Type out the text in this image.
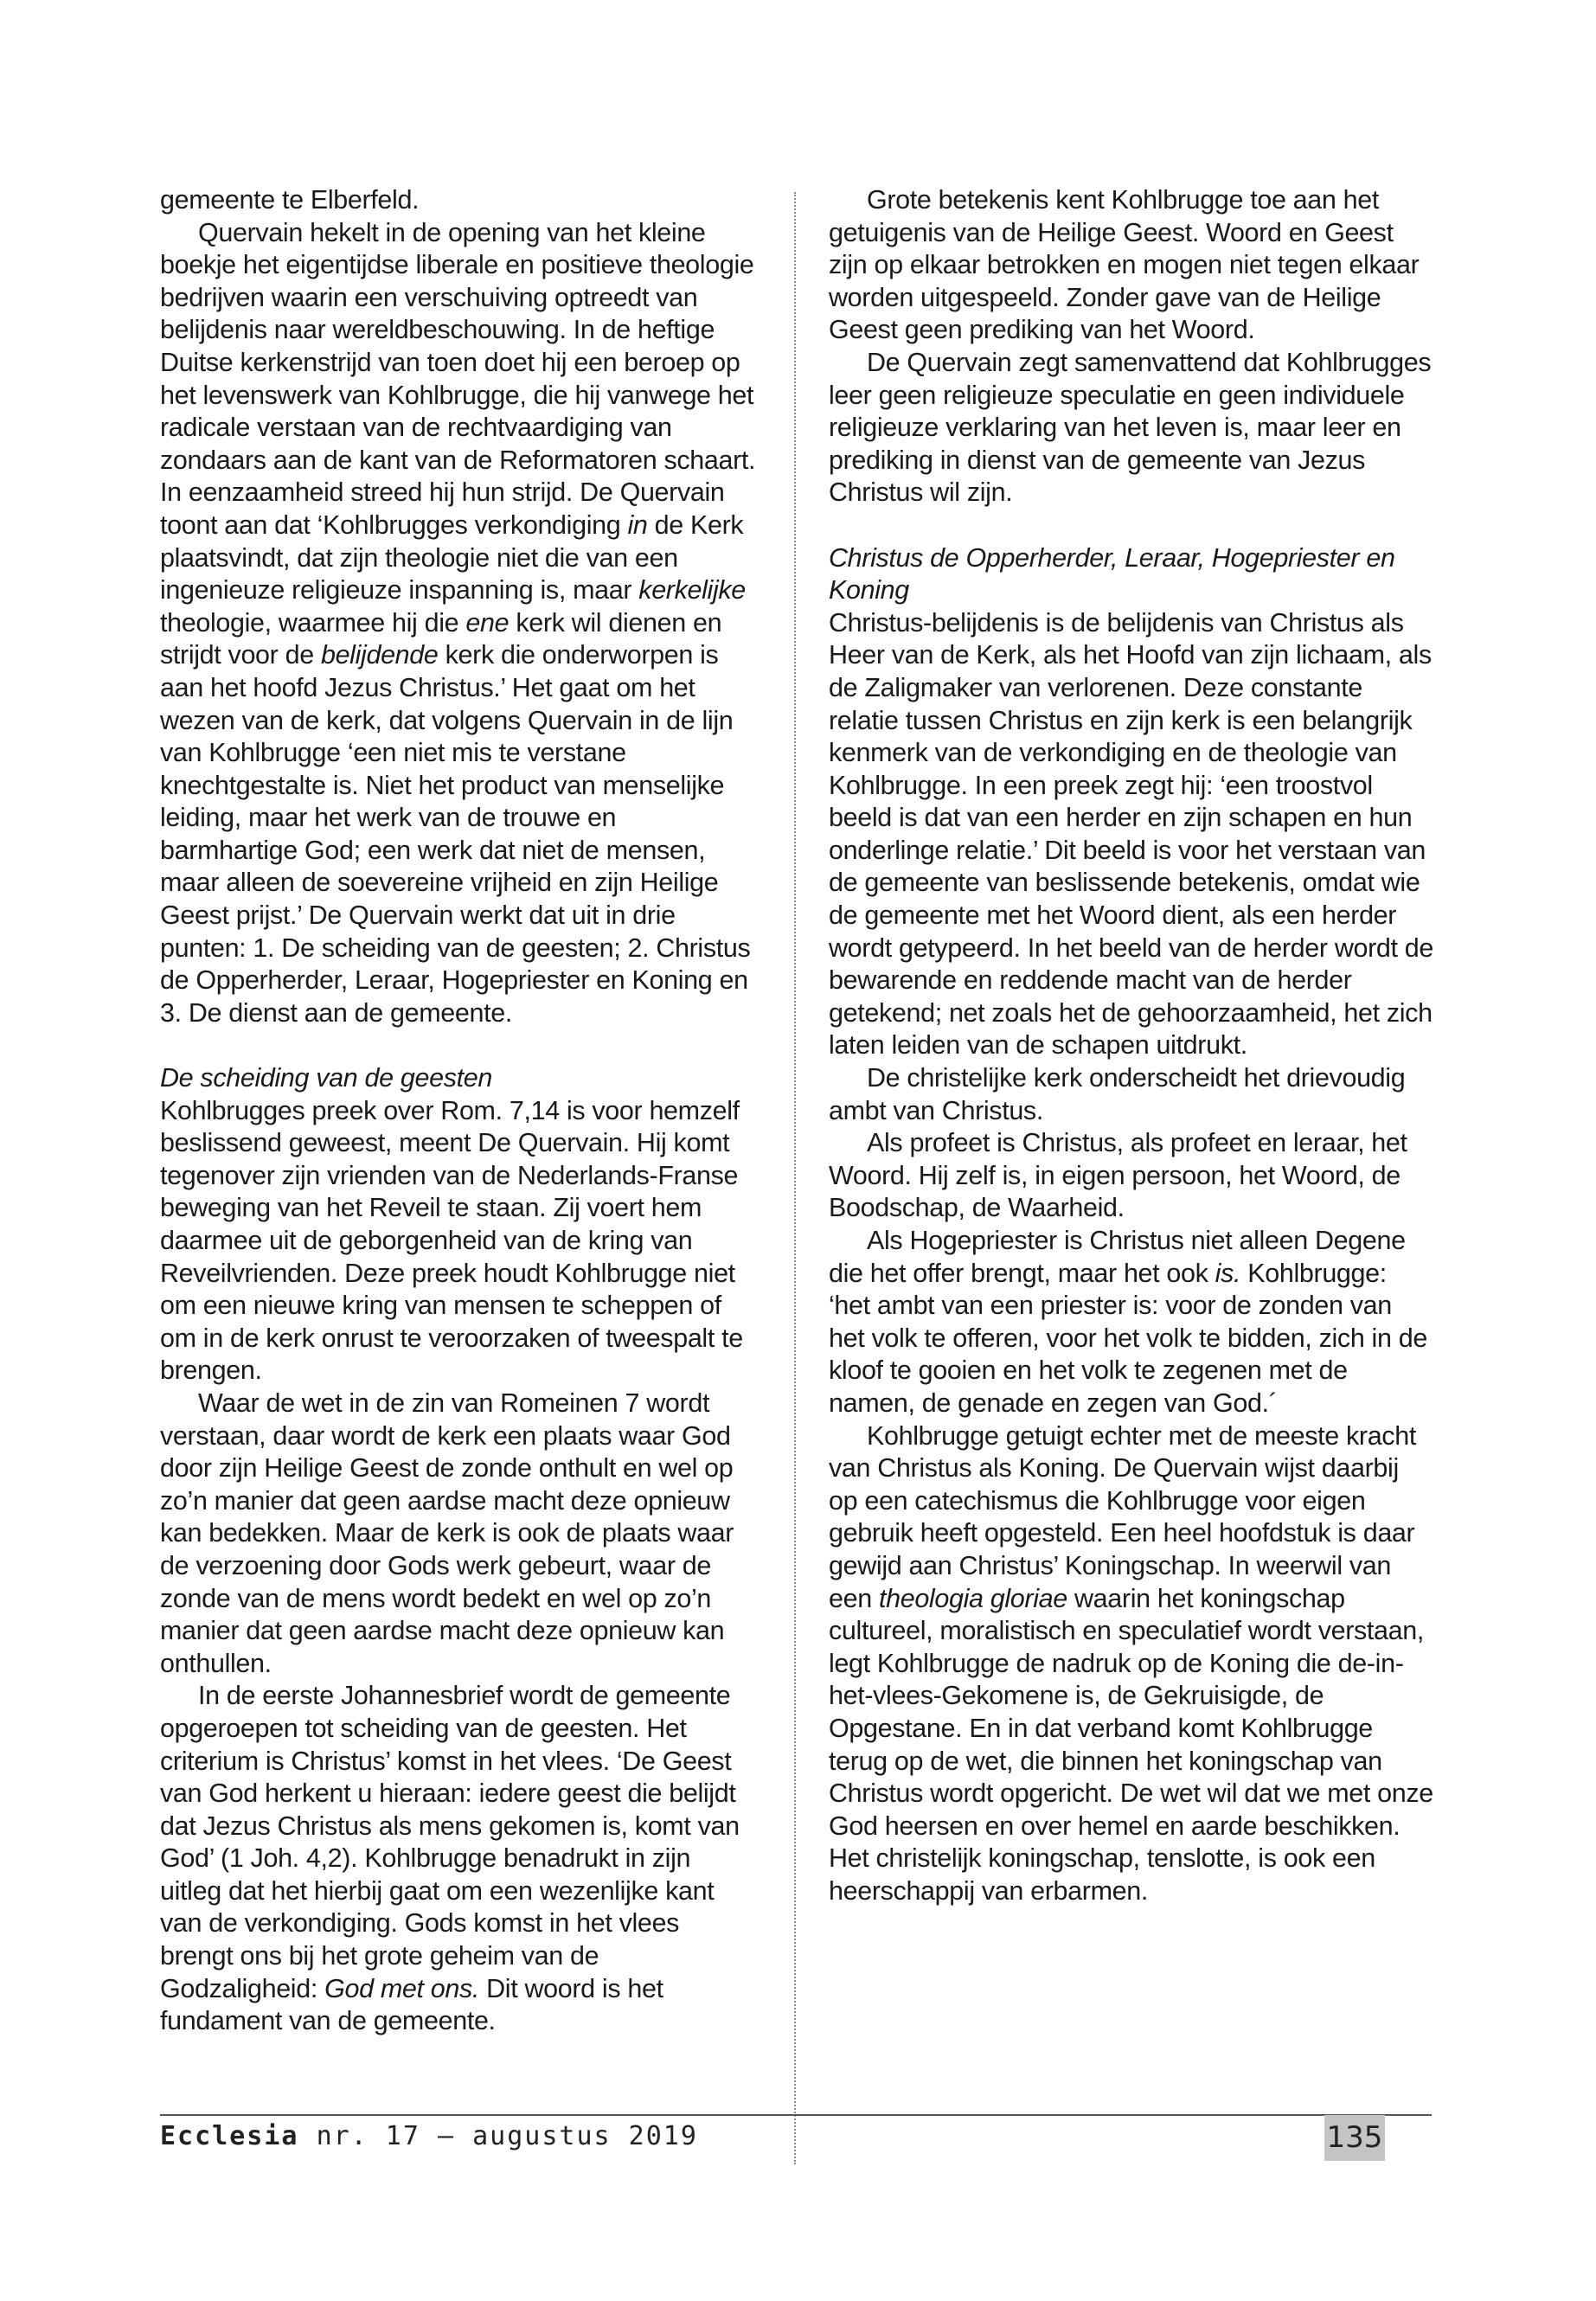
gemeente te Elberfeld.

Quervain hekelt in de opening van het kleine boekje het eigentijdse liberale en positieve theologie bedrijven waarin een verschuiving optreedt van belijdenis naar wereldbeschouwing. In de heftige Duitse kerkenstrijd van toen doet hij een beroep op het levenswerk van Kohlbrugge, die hij vanwege het radicale verstaan van de rechtvaardiging van zondaars aan de kant van de Reformatoren schaart. In eenzaamheid streed hij hun strijd. De Quervain toont aan dat ‘Kohlbrugges verkondiging in de Kerk plaatsvindt, dat zijn theologie niet die van een ingenieuze religieuze inspanning is, maar kerkelijke theologie, waarmee hij die ene kerk wil dienen en strijdt voor de belijdende kerk die onderworpen is aan het hoofd Jezus Christus.’ Het gaat om het wezen van de kerk, dat volgens Quervain in de lijn van Kohlbrugge ‘een niet mis te verstane knechtgestalte is. Niet het product van menselijke leiding, maar het werk van de trouwe en barmhartige God; een werk dat niet de mensen, maar alleen de soevereine vrijheid en zijn Heilige Geest prijst.’ De Quervain werkt dat uit in drie punten: 1. De scheiding van de geesten; 2. Christus de Opperherder, Leraar, Hogepriester en Koning en 3. De dienst aan de gemeente.

De scheiding van de geesten

Kohlbrugges preek over Rom. 7,14 is voor hemzelf beslissend geweest, meent De Quervain. Hij komt tegenover zijn vrienden van de Nederlands-Franse beweging van het Reveil te staan. Zij voert hem daarmee uit de geborgenheid van de kring van Reveilvrienden. Deze preek houdt Kohlbrugge niet om een nieuwe kring van mensen te scheppen of om in de kerk onrust te veroorzaken of tweespalt te brengen.

Waar de wet in de zin van Romeinen 7 wordt verstaan, daar wordt de kerk een plaats waar God door zijn Heilige Geest de zonde onthult en wel op zo’n manier dat geen aardse macht deze opnieuw kan bedekken. Maar de kerk is ook de plaats waar de verzoening door Gods werk gebeurt, waar de zonde van de mens wordt bedekt en wel op zo’n manier dat geen aardse macht deze opnieuw kan onthullen.

In de eerste Johannesbrief wordt de gemeente opgeroepen tot scheiding van de geesten. Het criterium is Christus’ komst in het vlees. ‘De Geest van God herkent u hieraan: iedere geest die belijdt dat Jezus Christus als mens gekomen is, komt van God’ (1 Joh. 4,2). Kohlbrugge benadrukt in zijn uitleg dat het hierbij gaat om een wezenlijke kant van de verkondiging. Gods komst in het vlees brengt ons bij het grote geheim van de Godzaligheid: God met ons. Dit woord is het fundament van de gemeente.

Grote betekenis kent Kohlbrugge toe aan het getuigenis van de Heilige Geest. Woord en Geest zijn op elkaar betrokken en mogen niet tegen elkaar worden uitgespeeld. Zonder gave van de Heilige Geest geen prediking van het Woord.

De Quervain zegt samenvattend dat Kohlbrugges leer geen religieuze speculatie en geen individuele religieuze verklaring van het leven is, maar leer en prediking in dienst van de gemeente van Jezus Christus wil zijn.

Christus de Opperherder, Leraar, Hogepriester en Koning

Christus-belijdenis is de belijdenis van Christus als Heer van de Kerk, als het Hoofd van zijn lichaam, als de Zaligmaker van verlorenen. Deze constante relatie tussen Christus en zijn kerk is een belangrijk kenmerk van de verkondiging en de theologie van Kohlbrugge. In een preek zegt hij: ‘een troostvol beeld is dat van een herder en zijn schapen en hun onderlinge relatie.’ Dit beeld is voor het verstaan van de gemeente van beslissende betekenis, omdat wie de gemeente met het Woord dient, als een herder wordt getypeerd. In het beeld van de herder wordt de bewarende en reddende macht van de herder getekend; net zoals het de gehoorzaamheid, het zich laten leiden van de schapen uitdrukt.

De christelijke kerk onderscheidt het drievoudig ambt van Christus.

Als profeet is Christus, als profeet en leraar, het Woord. Hij zelf is, in eigen persoon, het Woord, de Boodschap, de Waarheid.

Als Hogepriester is Christus niet alleen Degene die het offer brengt, maar het ook is. Kohlbrugge: ‘het ambt van een priester is: voor de zonden van het volk te offeren, voor het volk te bidden, zich in de kloof te gooien en het volk te zegenen met de namen, de genade en zegen van God.´

Kohlbrugge getuigt echter met de meeste kracht van Christus als Koning. De Quervain wijst daarbij op een catechismus die Kohlbrugge voor eigen gebruik heeft opgesteld. Een heel hoofdstuk is daar gewijd aan Christus’ Koningschap. In weerwil van een theologia gloriae waarin het koningschap cultureel, moralistisch en speculatief wordt verstaan, legt Kohlbrugge de nadruk op de Koning die de-in-het-vlees-Gekomene is, de Gekruisigde, de Opgestane. En in dat verband komt Kohlbrugge terug op de wet, die binnen het koningschap van Christus wordt opgericht. De wet wil dat we met onze God heersen en over hemel en aarde beschikken. Het christelijk koningschap, tenslotte, is ook een heerschappij van erbarmen.

Ecclesia nr. 17 — augustus 2019	135
